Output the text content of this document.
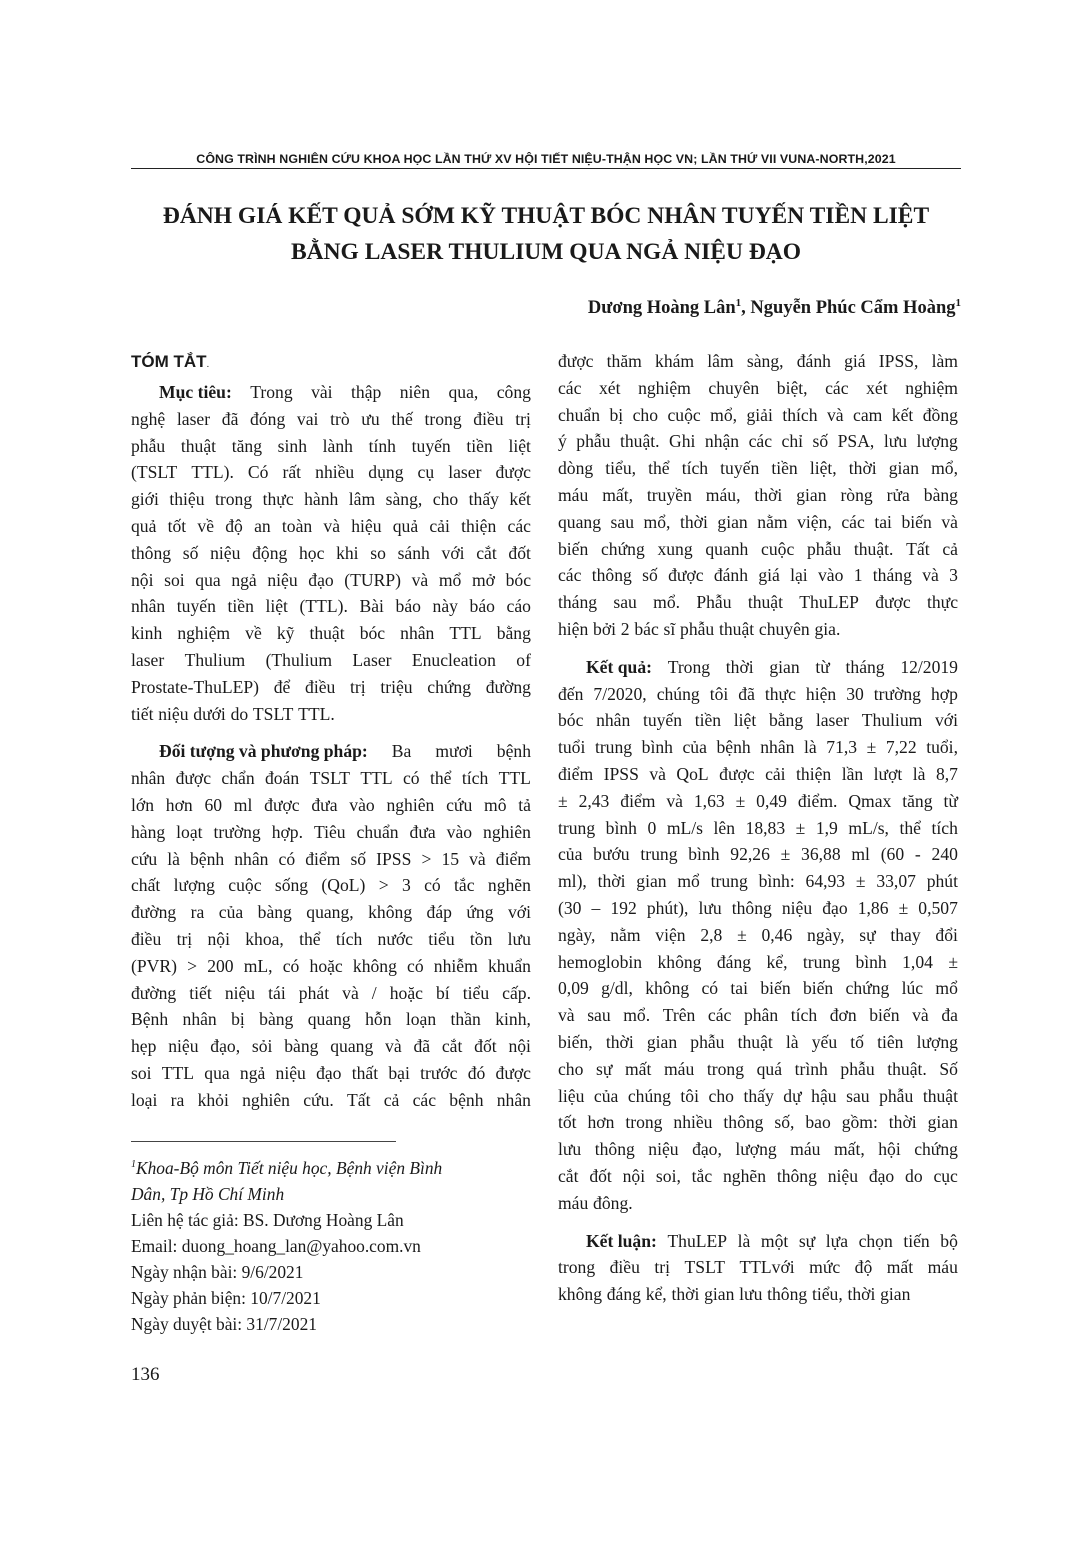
CÔNG TRÌNH NGHIÊN CỨU KHOA HỌC LẦN THỨ XV HỘI TIẾT NIỆU-THẬN HỌC VN; LẦN THỨ VII VUNA-NORTH,2021
ĐÁNH GIÁ KẾT QUẢ SỚM KỸ THUẬT BÓC NHÂN TUYẾN TIỀN LIỆT
BẰNG LASER THULIUM QUA NGẢ NIỆU ĐẠO
Dương Hoàng Lân$^1$, Nguyễn Phúc Cẩm Hoàng$^1$
TÓM TẮT.
Mục tiêu: Trong vài thập niên qua, công
nghệ laser đã đóng vai trò ưu thế trong điều trị
phẫu thuật tăng sinh lành tính tuyến tiền liệt
(TSLT TTL). Có rất nhiều dụng cụ laser được
giới thiệu trong thực hành lâm sàng, cho thấy kết
quả tốt về độ an toàn và hiệu quả cải thiện các
thông số niệu động học khi so sánh với cắt đốt
nội soi qua ngả niệu đạo (TURP) và mổ mở bóc
nhân tuyến tiền liệt (TTL). Bài báo này báo cáo
kinh nghiệm về kỹ thuật bóc nhân TTL bằng
laser Thulium (Thulium Laser Enucleation of
Prostate-ThuLEP) để điều trị triệu chứng đường
tiết niệu dưới do TSLT TTL.
Đối tượng và phương pháp: Ba mươi bệnh
nhân được chẩn đoán TSLT TTL có thể tích TTL
lớn hơn 60 ml được đưa vào nghiên cứu mô tả
hàng loạt trường hợp. Tiêu chuẩn đưa vào nghiên
cứu là bệnh nhân có điểm số IPSS > 15 và điểm
chất lượng cuộc sống (QoL) > 3 có tắc nghẽn
đường ra của bàng quang, không đáp ứng với
điều trị nội khoa, thể tích nước tiểu tồn lưu
(PVR) > 200 mL, có hoặc không có nhiễm khuẩn
đường tiết niệu tái phát và / hoặc bí tiểu cấp.
Bệnh nhân bị bàng quang hỗn loạn thần kinh,
hẹp niệu đạo, sỏi bàng quang và đã cắt đốt nội
soi TTL qua ngả niệu đạo thất bại trước đó được
loại ra khỏi nghiên cứu. Tất cả các bệnh nhân
được thăm khám lâm sàng, đánh giá IPSS, làm
các xét nghiệm chuyên biệt, các xét nghiệm
chuẩn bị cho cuộc mổ, giải thích và cam kết đồng
ý phẫu thuật. Ghi nhận các chỉ số PSA, lưu lượng
dòng tiểu, thể tích tuyến tiền liệt, thời gian mổ,
máu mất, truyền máu, thời gian ròng rửa bàng
quang sau mổ, thời gian nằm viện, các tai biến và
biến chứng xung quanh cuộc phẫu thuật. Tất cả
các thông số được đánh giá lại vào 1 tháng và 3
tháng sau mổ. Phẫu thuật ThuLEP được thực
hiện bởi 2 bác sĩ phẫu thuật chuyên gia.
Kết quả: Trong thời gian từ tháng 12/2019
đến 7/2020, chúng tôi đã thực hiện 30 trường hợp
bóc nhân tuyến tiền liệt bằng laser Thulium với
tuổi trung bình của bệnh nhân là 71,3 ± 7,22 tuổi,
điểm IPSS và QoL được cải thiện lần lượt là 8,7
± 2,43 điểm và 1,63 ± 0,49 điểm. Qmax tăng từ
trung bình 0 mL/s lên 18,83 ± 1,9 mL/s, thể tích
của bướu trung bình 92,26 ± 36,88 ml (60 - 240
ml), thời gian mổ trung bình: 64,93 ± 33,07 phút
(30 – 192 phút), lưu thông niệu đạo 1,86 ± 0,507
ngày, nằm viện 2,8 ± 0,46 ngày, sự thay đổi
hemoglobin không đáng kể, trung bình 1,04 ±
0,09 g/dl, không có tai biến biến chứng lúc mổ
và sau mổ. Trên các phân tích đơn biến và đa
biến, thời gian phẫu thuật là yếu tố tiên lượng
cho sự mất máu trong quá trình phẫu thuật. Số
liệu của chúng tôi cho thấy dự hậu sau phẫu thuật
tốt hơn trong nhiều thông số, bao gồm: thời gian
lưu thông niệu đạo, lượng máu mất, hội chứng
cắt đốt nội soi, tắc nghẽn thông niệu đạo do cục
máu đông.
Kết luận: ThuLEP là một sự lựa chọn tiến bộ
trong điều trị TSLT TTLvới mức độ mất máu
không đáng kể, thời gian lưu thông tiểu, thời gian
$^1$Khoa-Bộ môn Tiết niệu học, Bệnh viện Bình
Dân, Tp Hồ Chí Minh
Liên hệ tác giả: BS. Dương Hoàng Lân
Email: duong_hoang_lan@yahoo.com.vn
Ngày nhận bài: 9/6/2021
Ngày phản biện: 10/7/2021
Ngày duyệt bài: 31/7/2021
136
